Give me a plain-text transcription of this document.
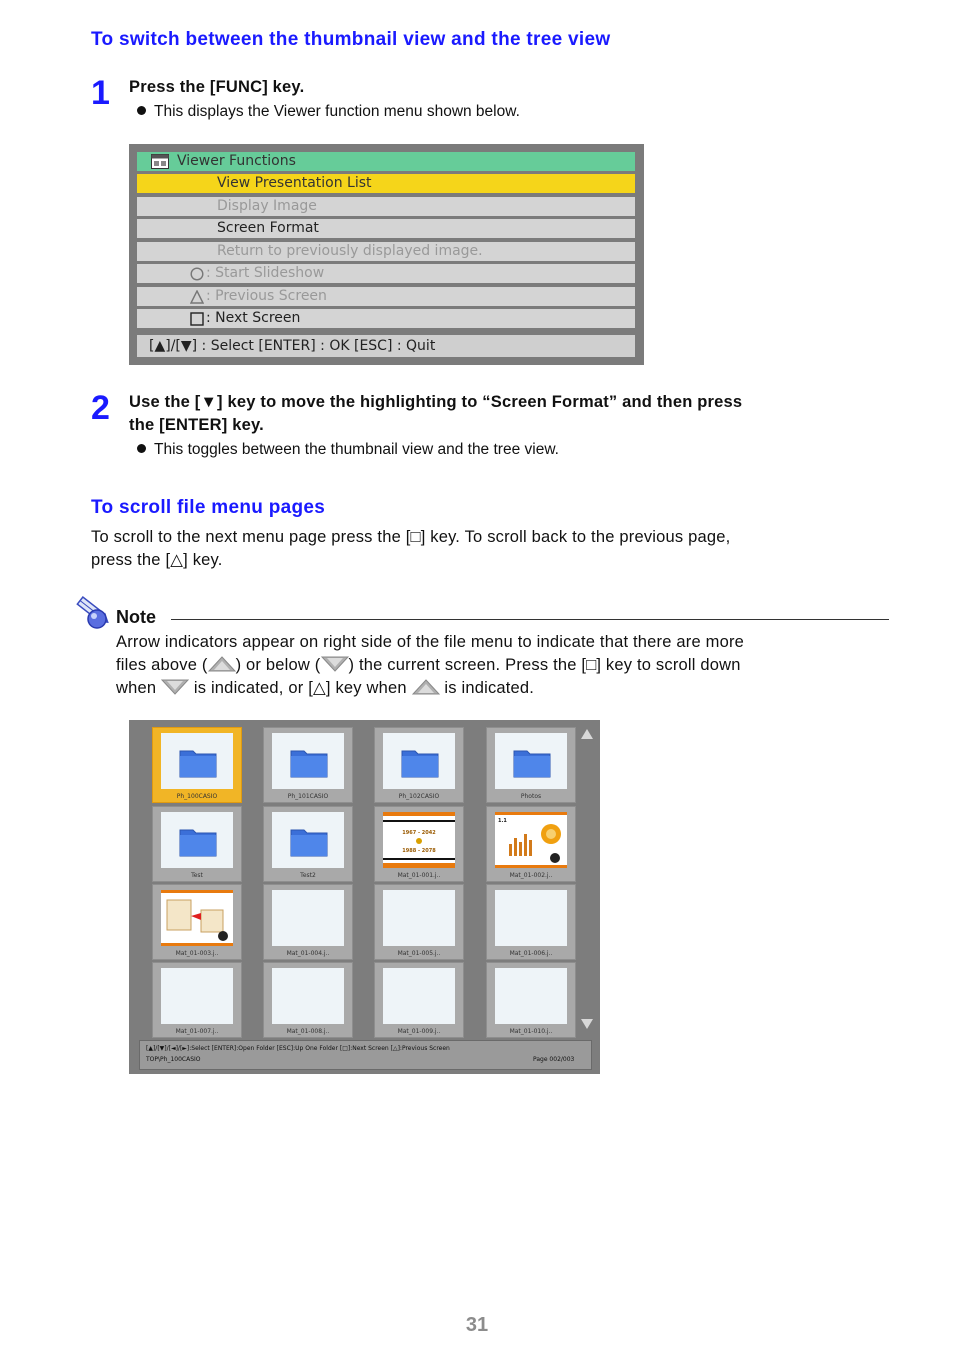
To switch between the thumbnail view and the tree view
1 Press the [FUNC] key.
This displays the Viewer function menu shown below.
Viewer Functions
View Presentation List
Display Image
Screen Format
Return to previously displayed image.
: Start Slideshow
: Previous Screen
: Next Screen
[▲]/[▼] : Select [ENTER] : OK [ESC] : Quit
2 Use the [▼] key to move the highlighting to “Screen Format” and then press
the [ENTER] key.
This toggles between the thumbnail view and the tree view.
To scroll file menu pages
To scroll to the next menu page press the [□] key. To scroll back to the previous page,
press the [△] key.
Note
Arrow indicators appear on right side of the file menu to indicate that there are more
files above ( ) or below ( ) the current screen. Press the [□] key to scroll down
when is indicated, or [△] key when is indicated.
Ph_100CASIO	Ph_101CASIO	Ph_102CASIO	Photos
Test	Test2
1967 - 2042
1988 - 2078
Mat_01-001.j..
1.1
Mat_01-002.j..
Mat_01-003.j..	Mat_01-004.j..	Mat_01-005.j..	Mat_01-006.j..
Mat_01-007.j..	Mat_01-008.j..	Mat_01-009.j..	Mat_01-010.j..
[▲]/[▼]/[◄]/[►]:Select [ENTER]:Open Folder [ESC]:Up One Folder [□]:Next Screen [△]:Previous Screen
TOP\Ph_100CASIO	Page 002/003
31
